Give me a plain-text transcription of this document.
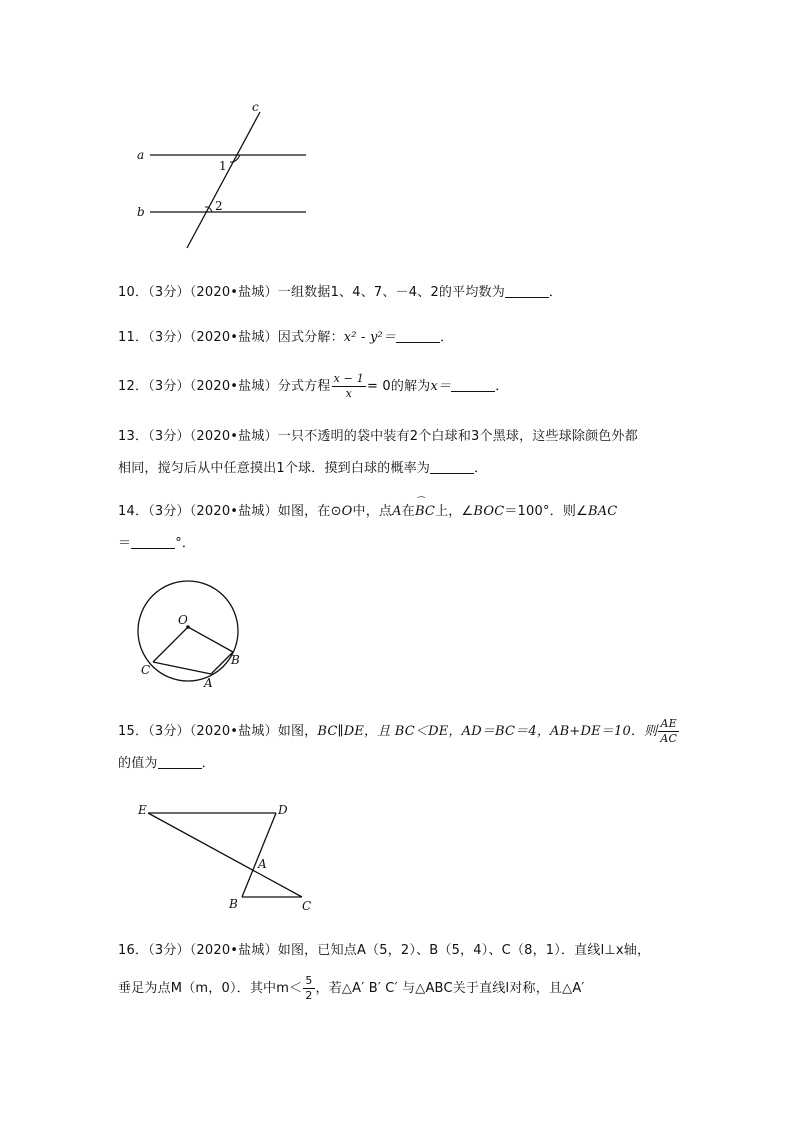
c
a
b
1
2
10．（3分）（2020•盐城）一组数据1、4、7、－4、2的平均数为	．
11．（3分）（2020•盐城）因式分解：x² - y²＝	．
12．（3分）（2020•盐城）分式方程 $\frac{x - 1}{x} = 0$的解为x＝	．
13．（3分）（2020•盐城）一只不透明的袋中装有2个白球和3个黑球，这些球除颜色外都
相同，搅匀后从中任意摸出1个球．摸到白球的概率为	．
14．（3分）（2020•盐城）如图，在⊙O中，点A在⌒ BC上，∠BOC＝100°．则∠BAC
＝	°．
O
B
C
A
15．（3分）（2020•盐城）如图，BC∥DE，且 BC＜DE，AD＝BC＝4，AB+DE＝10．则 $\frac{AE}{AC}$
的值为	．
E	D
A
B	C
16．（3分）（2020•盐城）如图，已知点A（5，2）、B（5，4）、C（8，1）．直线l⊥x轴，
垂足为点M（m，0）．其中$m< \frac{5}{2}$ ，若△A′ B′ C′ 与△ABC关于直线l对称，且△A′
